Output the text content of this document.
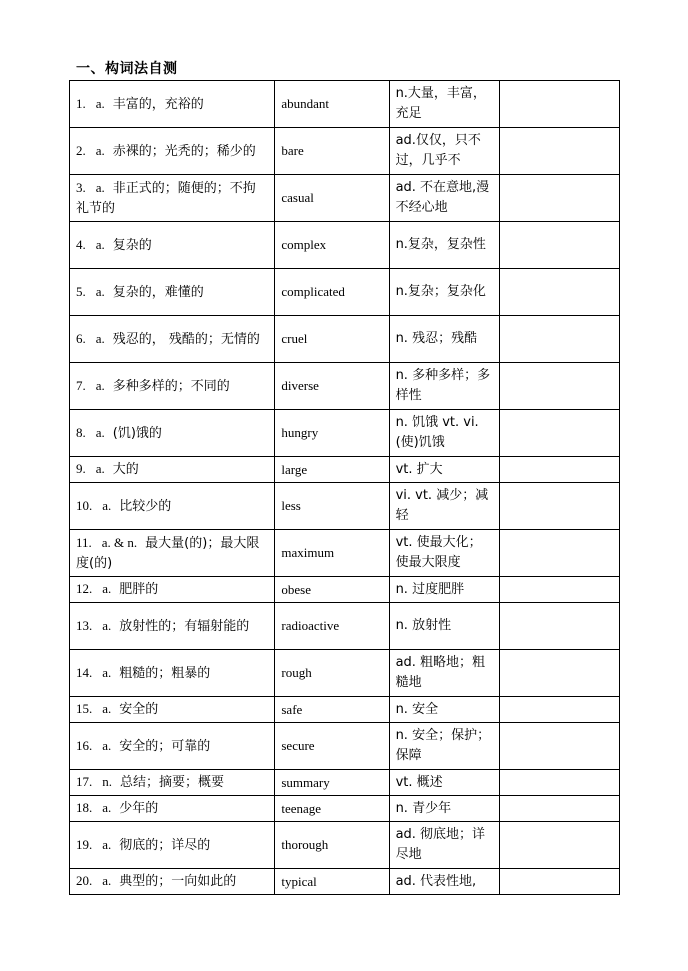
一、构词法自测
1. a. 丰富的，充裕的	abundant	n.大量，丰富，充足	
2. a. 赤裸的；光秃的；稀少的	bare	ad.仅仅，只不过，几乎不	
3. a. 非正式的；随便的；不拘礼节的	casual	ad. 不在意地,漫不经心地	
4. a. 复杂的	complex	n.复杂，复杂性	
5. a. 复杂的，难懂的	complicated	n.复杂；复杂化	
6. a. 残忍的， 残酷的；无情的	cruel	n. 残忍；残酷	
7. a. 多种多样的；不同的	diverse	n. 多种多样；多样性	
8. a. (饥)饿的	hungry	n. 饥饿 vt. vi. (使)饥饿	
9. a. 大的	large	vt. 扩大	
10. a. 比较少的	less	vi. vt. 减少；减轻	
11. a. & n. 最大量(的)；最大限度(的)	maximum	vt. 使最大化；使最大限度	
12. a. 肥胖的	obese	n. 过度肥胖	
13. a. 放射性的；有辐射能的	radioactive	n. 放射性	
14. a. 粗糙的；粗暴的	rough	ad. 粗略地；粗糙地	
15. a. 安全的	safe	n. 安全	
16. a. 安全的；可靠的	secure	n. 安全；保护；保障	
17. n. 总结；摘要；概要	summary	vt. 概述	
18. a. 少年的	teenage	n. 青少年	
19. a. 彻底的；详尽的	thorough	ad. 彻底地；详尽地	
20. a. 典型的；一向如此的	typical	ad. 代表性地,	
